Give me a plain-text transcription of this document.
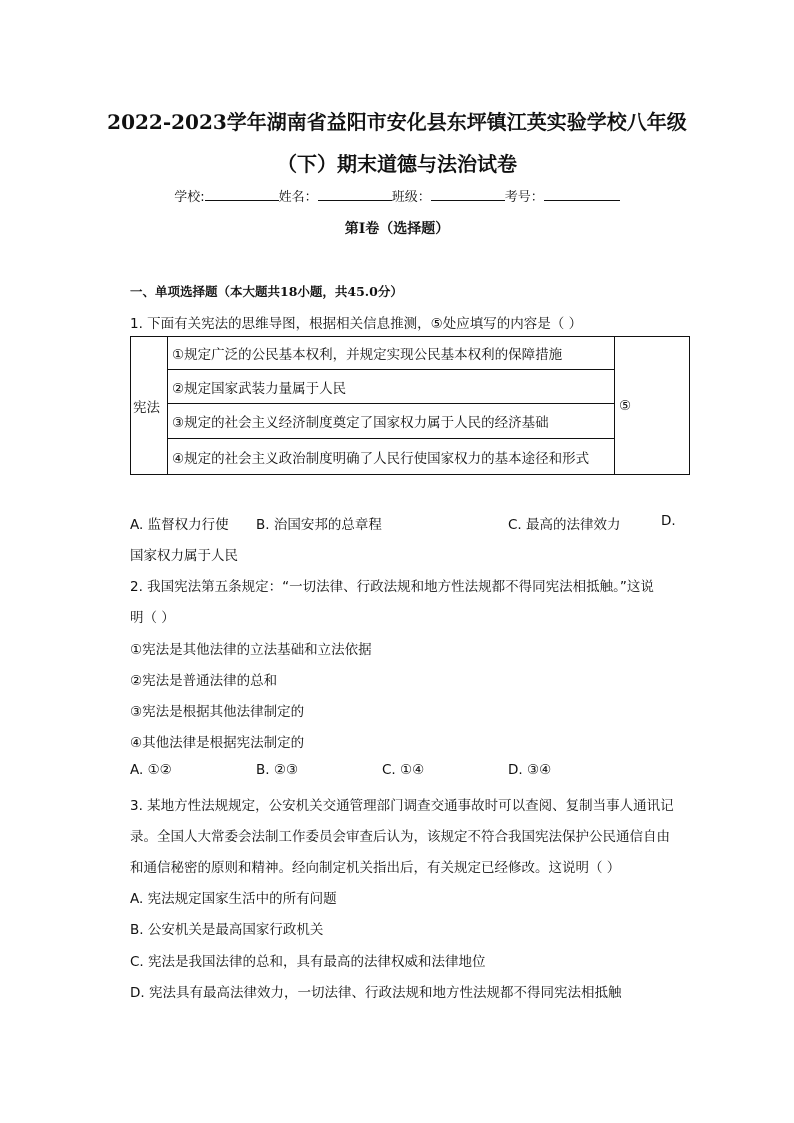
2022-2023学年湖南省益阳市安化县东坪镇江英实验学校八年级
（下）期末道德与法治试卷
学校:	姓名：	班级：	考号：
第I卷（选择题）
一、单项选择题（本大题共18小题，共45.0分）
1. 下面有关宪法的思维导图，根据相关信息推测，⑤处应填写的内容是（ ）
宪法	①规定广泛的公民基本权利，并规定实现公民基本权利的保障措施	⑤
②规定国家武装力量属于人民
③规定的社会主义经济制度奠定了国家权力属于人民的经济基础
④规定的社会主义政治制度明确了人民行使国家权力的基本途径和形式
A. 监督权力行使 B. 治国安邦的总章程	C. 最高的法律效力	D.
国家权力属于人民
2. 我国宪法第五条规定：“一切法律、行政法规和地方性法规都不得同宪法相抵触。”这说
明（ ）
①宪法是其他法律的立法基础和立法依据
②宪法是普通法律的总和
③宪法是根据其他法律制定的
④其他法律是根据宪法制定的
A. ①②	B. ②③	C. ①④	D. ③④
3. 某地方性法规规定，公安机关交通管理部门调查交通事故时可以查阅、复制当事人通讯记
录。全国人大常委会法制工作委员会审查后认为，该规定不符合我国宪法保护公民通信自由
和通信秘密的原则和精神。经向制定机关指出后，有关规定已经修改。这说明（ ）
A. 宪法规定国家生活中的所有问题
B. 公安机关是最高国家行政机关
C. 宪法是我国法律的总和，具有最高的法律权威和法律地位
D. 宪法具有最高法律效力，一切法律、行政法规和地方性法规都不得同宪法相抵触
